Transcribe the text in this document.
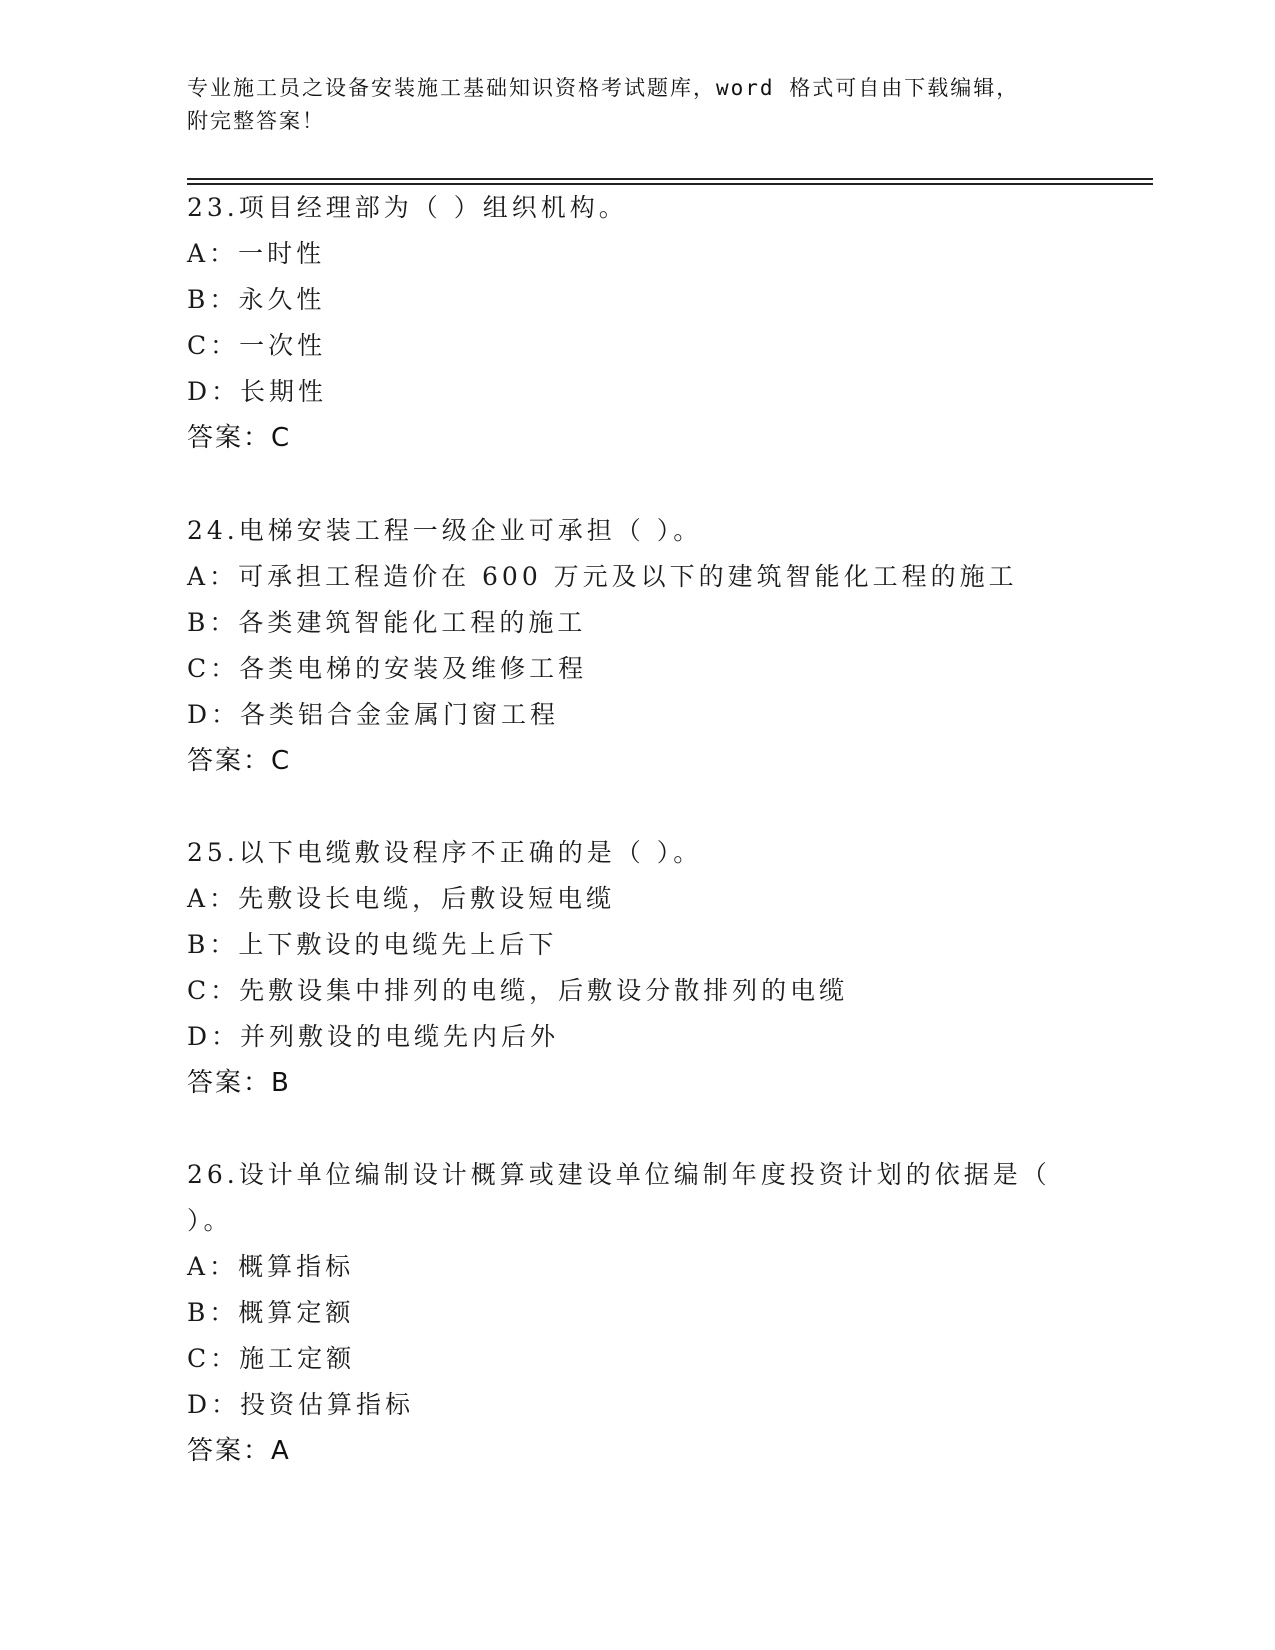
专业施工员之设备安装施工基础知识资格考试题库，word 格式可自由下载编辑，
附完整答案！
23.项目经理部为（ ）组织机构。
A：一时性
B：永久性
C：一次性
D：长期性
答案：C
24.电梯安装工程一级企业可承担（ ）。
A：可承担工程造价在 600 万元及以下的建筑智能化工程的施工
B：各类建筑智能化工程的施工
C：各类电梯的安装及维修工程
D：各类铝合金金属门窗工程
答案：C
25.以下电缆敷设程序不正确的是（ ）。
A：先敷设长电缆，后敷设短电缆
B：上下敷设的电缆先上后下
C：先敷设集中排列的电缆，后敷设分散排列的电缆
D：并列敷设的电缆先内后外
答案：B
26.设计单位编制设计概算或建设单位编制年度投资计划的依据是（ ）。
A：概算指标
B：概算定额
C：施工定额
D：投资估算指标
答案：A
